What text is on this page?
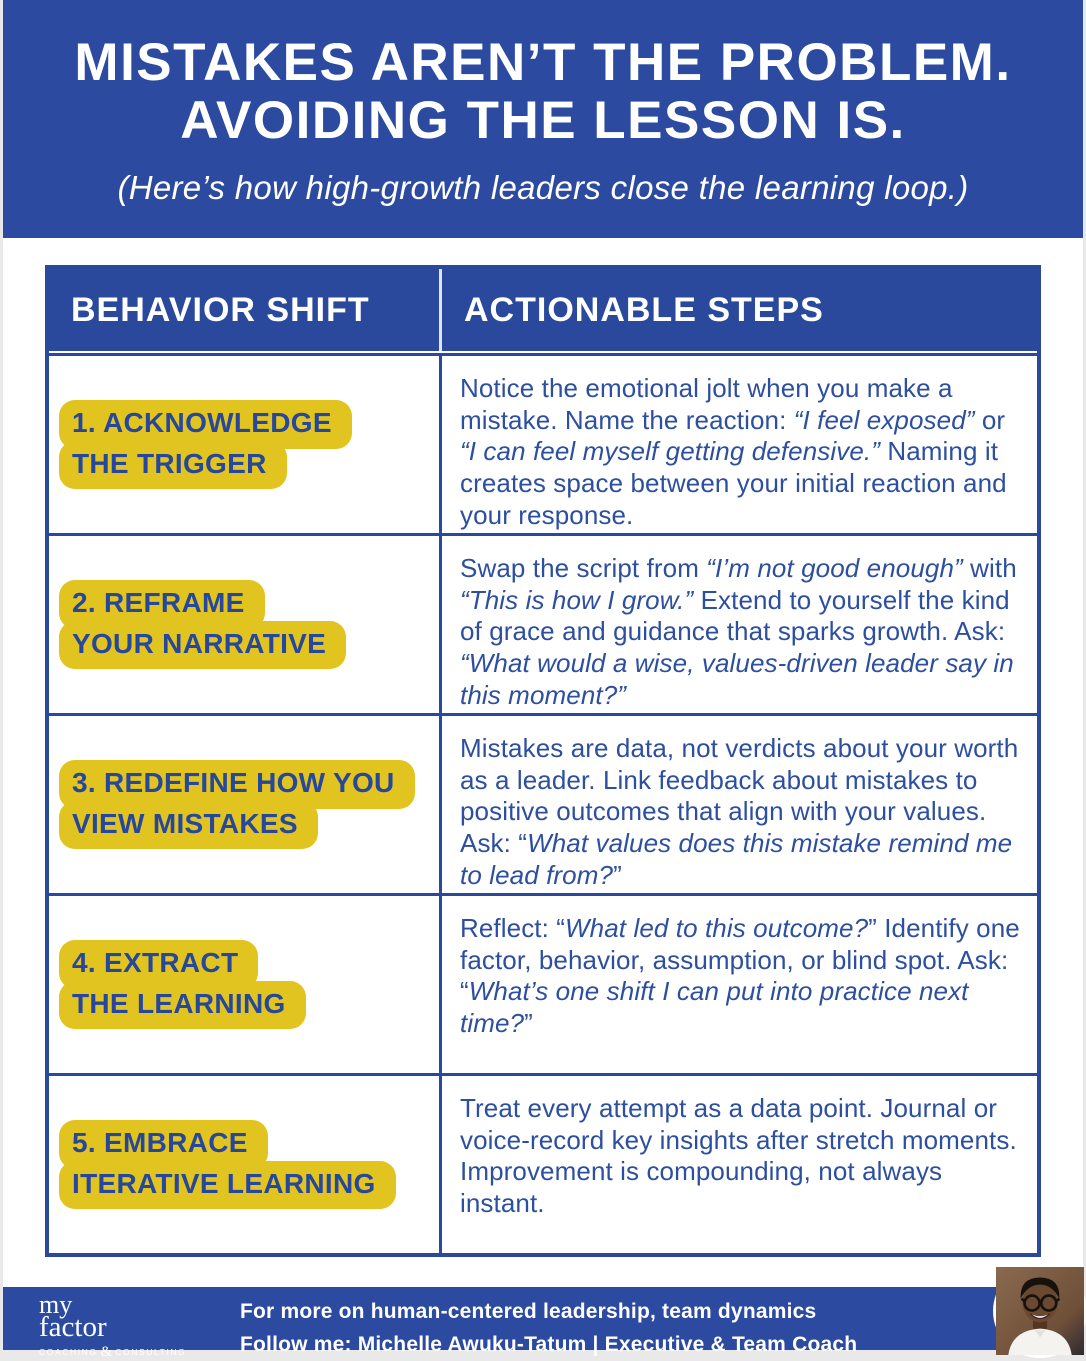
MISTAKES AREN’T THE PROBLEM.
AVOIDING THE LESSON IS.
(Here’s how high-growth leaders close the learning loop.)
BEHAVIOR SHIFT	ACTIONABLE STEPS
1. ACKNOWLEDGE
THE TRIGGER

Notice the emotional jolt when you make a mistake. Name the reaction: “I feel exposed” or “I can feel myself getting defensive.” Naming it creates space between your initial reaction and your response.

2. REFRAME
YOUR NARRATIVE

Swap the script from “I’m not good enough” with “This is how I grow.” Extend to yourself the kind of grace and guidance that sparks growth. Ask: “What would a wise, values-driven leader say in this moment?”

3. REDEFINE HOW YOU
VIEW MISTAKES

Mistakes are data, not verdicts about your worth as a leader. Link feedback about mistakes to positive outcomes that align with your values. Ask: “What values does this mistake remind me to lead from?”

4. EXTRACT
THE LEARNING

Reflect: “What led to this outcome?” Identify one factor, behavior, assumption, or blind spot. Ask: “What’s one shift I can put into practice next time?”

5. EMBRACE
ITERATIVE LEARNING

Treat every attempt as a data point. Journal or voice-record key insights after stretch moments. Improvement is compounding, not always instant.

my
factor
COACHING & CONSULTING
For more on human-centered leadership, team dynamics
Follow me: Michelle Awuku-Tatum | Executive & Team Coach
